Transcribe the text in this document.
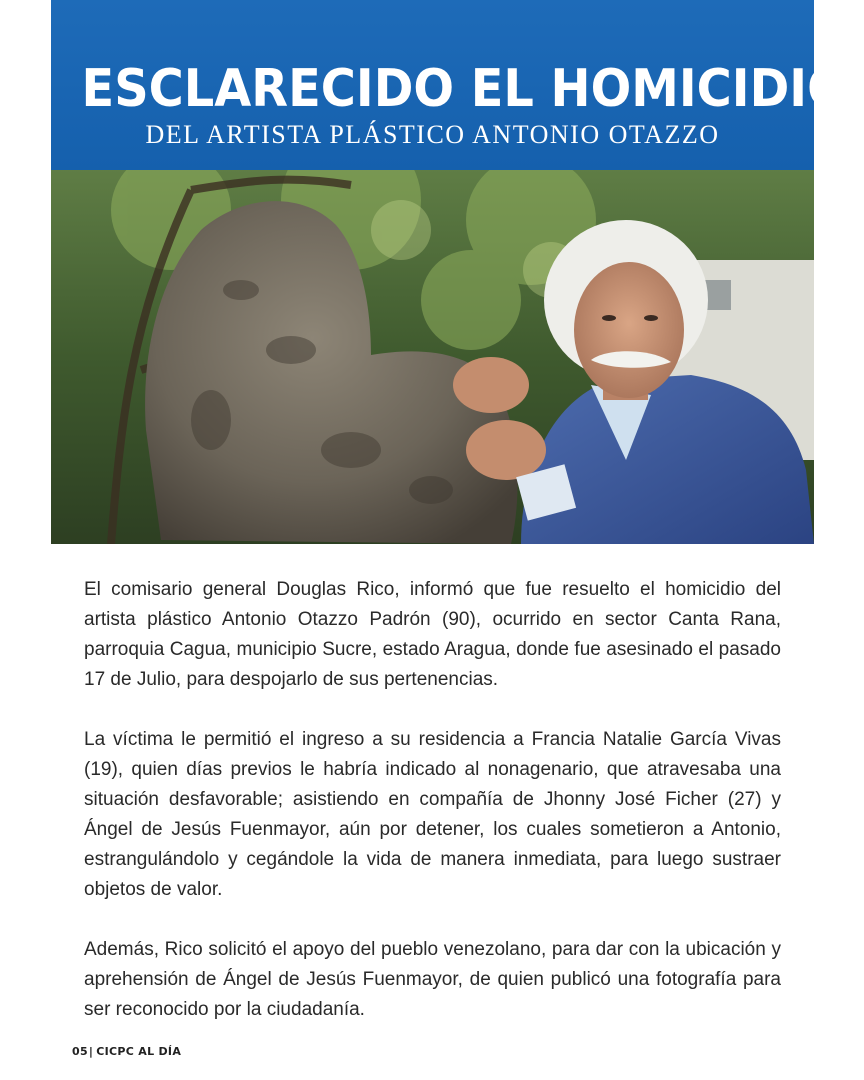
ESCLARECIDO EL HOMICIDIO
DEL ARTISTA PLÁSTICO ANTONIO OTAZZO

El comisario general Douglas Rico, informó que fue resuelto el homicidio del artista plástico Antonio Otazzo Padrón (90), ocurrido en sector Canta Rana, parroquia Cagua, municipio Sucre, estado Aragua, donde fue asesinado el pasado 17 de Julio, para despojarlo de sus pertenencias.

La víctima le permitió el ingreso a su residencia a Francia Natalie García Vivas (19), quien días previos le habría indicado al nonagenario, que atravesaba una situación desfavorable; asistiendo en compañía de Jhonny José Ficher (27) y Ángel de Jesús Fuenmayor, aún por detener, los cuales sometieron a Antonio, estrangulándolo y cegándole la vida de manera inmediata, para luego sustraer objetos de valor.

Además, Rico solicitó el apoyo del pueblo venezolano, para dar con la ubicación y aprehensión de Ángel de Jesús Fuenmayor, de quien publicó una fotografía para ser reconocido por la ciudadanía.

05| CICPC AL DÍA
